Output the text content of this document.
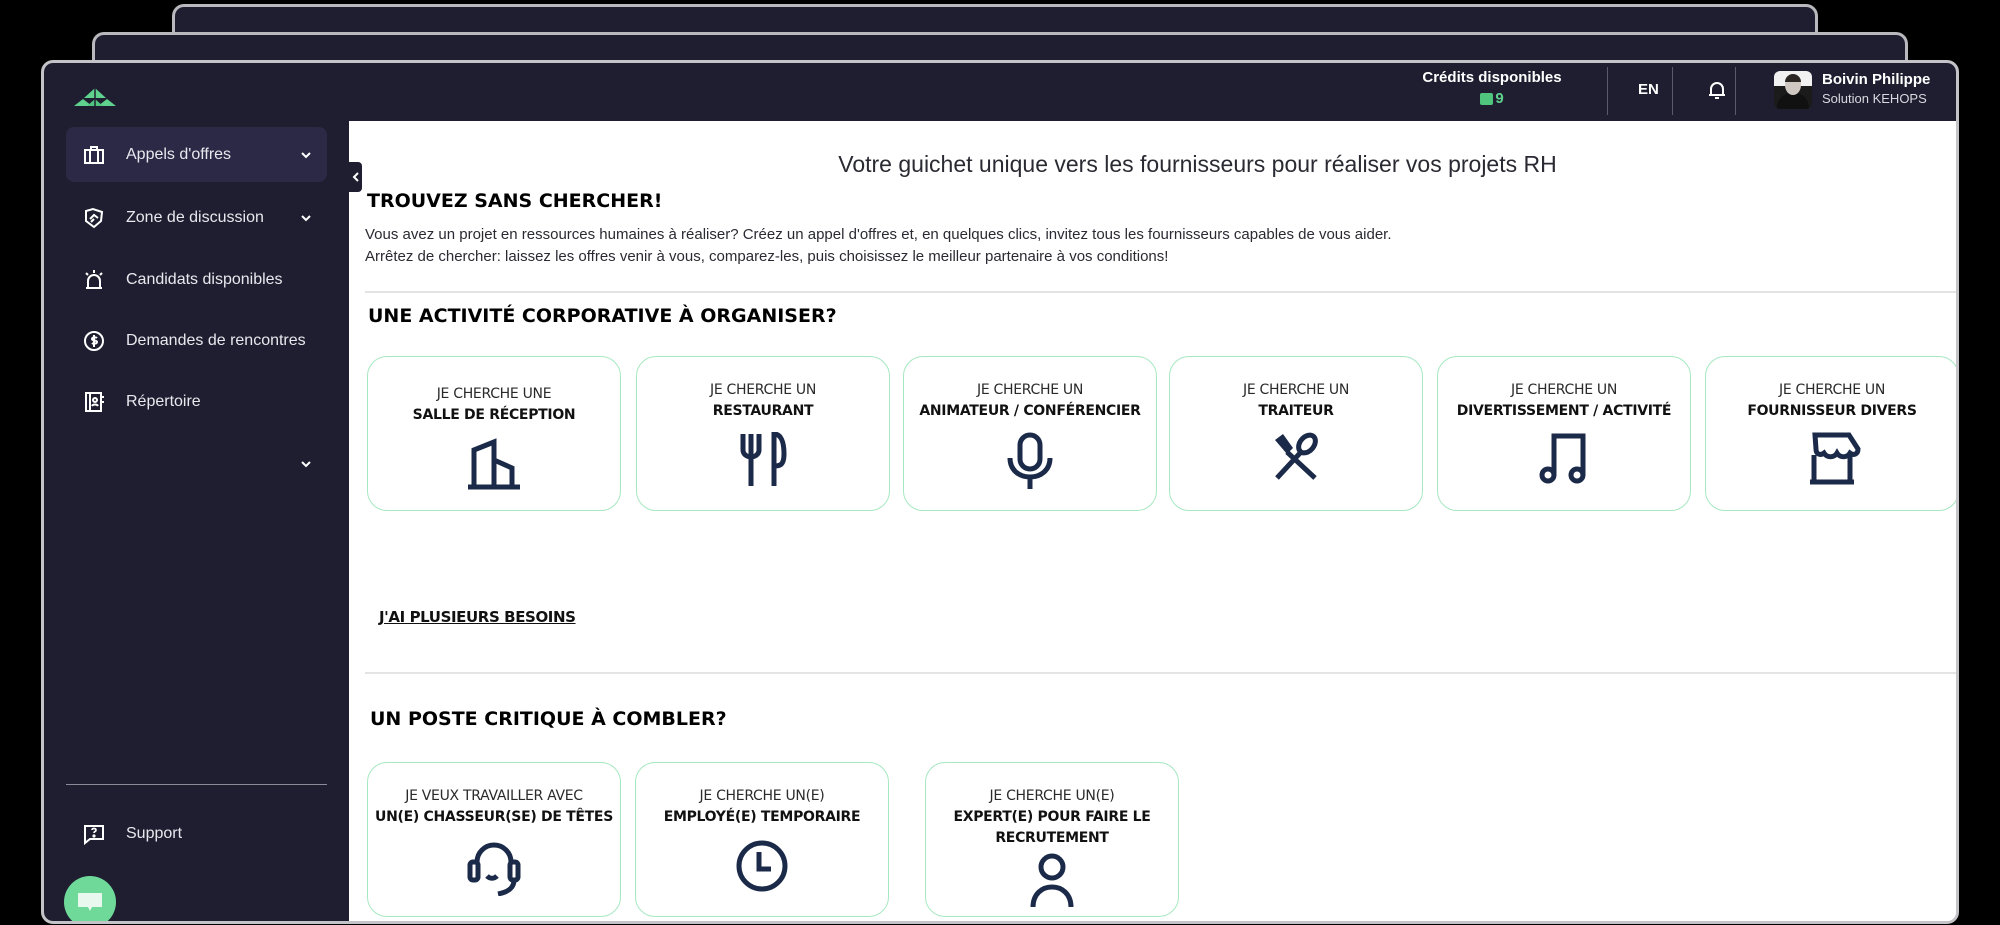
Appels d'offres
Zone de discussion
Candidats disponibles
Demandes de rencontres
Répertoire
Support
Crédits disponibles
9
EN
Boivin Philippe
Solution KEHOPS
Votre guichet unique vers les fournisseurs pour réaliser vos projets RH
TROUVEZ SANS CHERCHER!
Vous avez un projet en ressources humaines à réaliser? Créez un appel d'offres et, en quelques clics, invitez tous les fournisseurs capables de vous aider.
Arrêtez de chercher: laissez les offres venir à vous, comparez-les, puis choisissez le meilleur partenaire à vos conditions!
UNE ACTIVITÉ CORPORATIVE À ORGANISER?
JE CHERCHE UNE
SALLE DE RÉCEPTION
JE CHERCHE UN
RESTAURANT
JE CHERCHE UN
ANIMATEUR / CONFÉRENCIER
JE CHERCHE UN
TRAITEUR
JE CHERCHE UN
DIVERTISSEMENT / ACTIVITÉ
JE CHERCHE UN
FOURNISSEUR DIVERS
J'AI PLUSIEURS BESOINS
UN POSTE CRITIQUE À COMBLER?
JE VEUX TRAVAILLER AVEC
UN(E) CHASSEUR(SE) DE TÊTES
JE CHERCHE UN(E)
EMPLOYÉ(E) TEMPORAIRE
JE CHERCHE UN(E)
EXPERT(E) POUR FAIRE LE RECRUTEMENT
